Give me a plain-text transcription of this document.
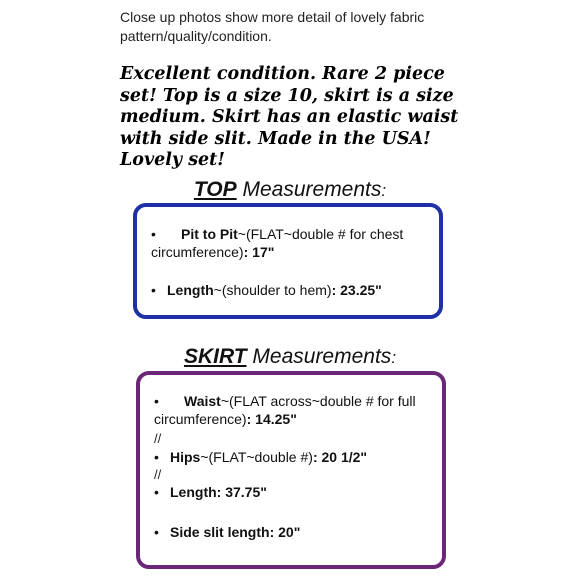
Close up photos show more detail of lovely fabric pattern/quality/condition.
Excellent condition. Rare 2 piece set! Top is a size 10, skirt is a size medium. Skirt has an elastic waist with side slit. Made in the USA! Lovely set!
TOP Measurements:
•	Pit to Pit~(FLAT~double # for chest circumference): 17"
• Length~(shoulder to hem): 23.25"
SKIRT Measurements:
•	Waist~(FLAT across~double # for full circumference): 14.25"
//
• Hips~(FLAT~double #): 20 1/2"
//
• Length: 37.75"
• Side slit length: 20"
